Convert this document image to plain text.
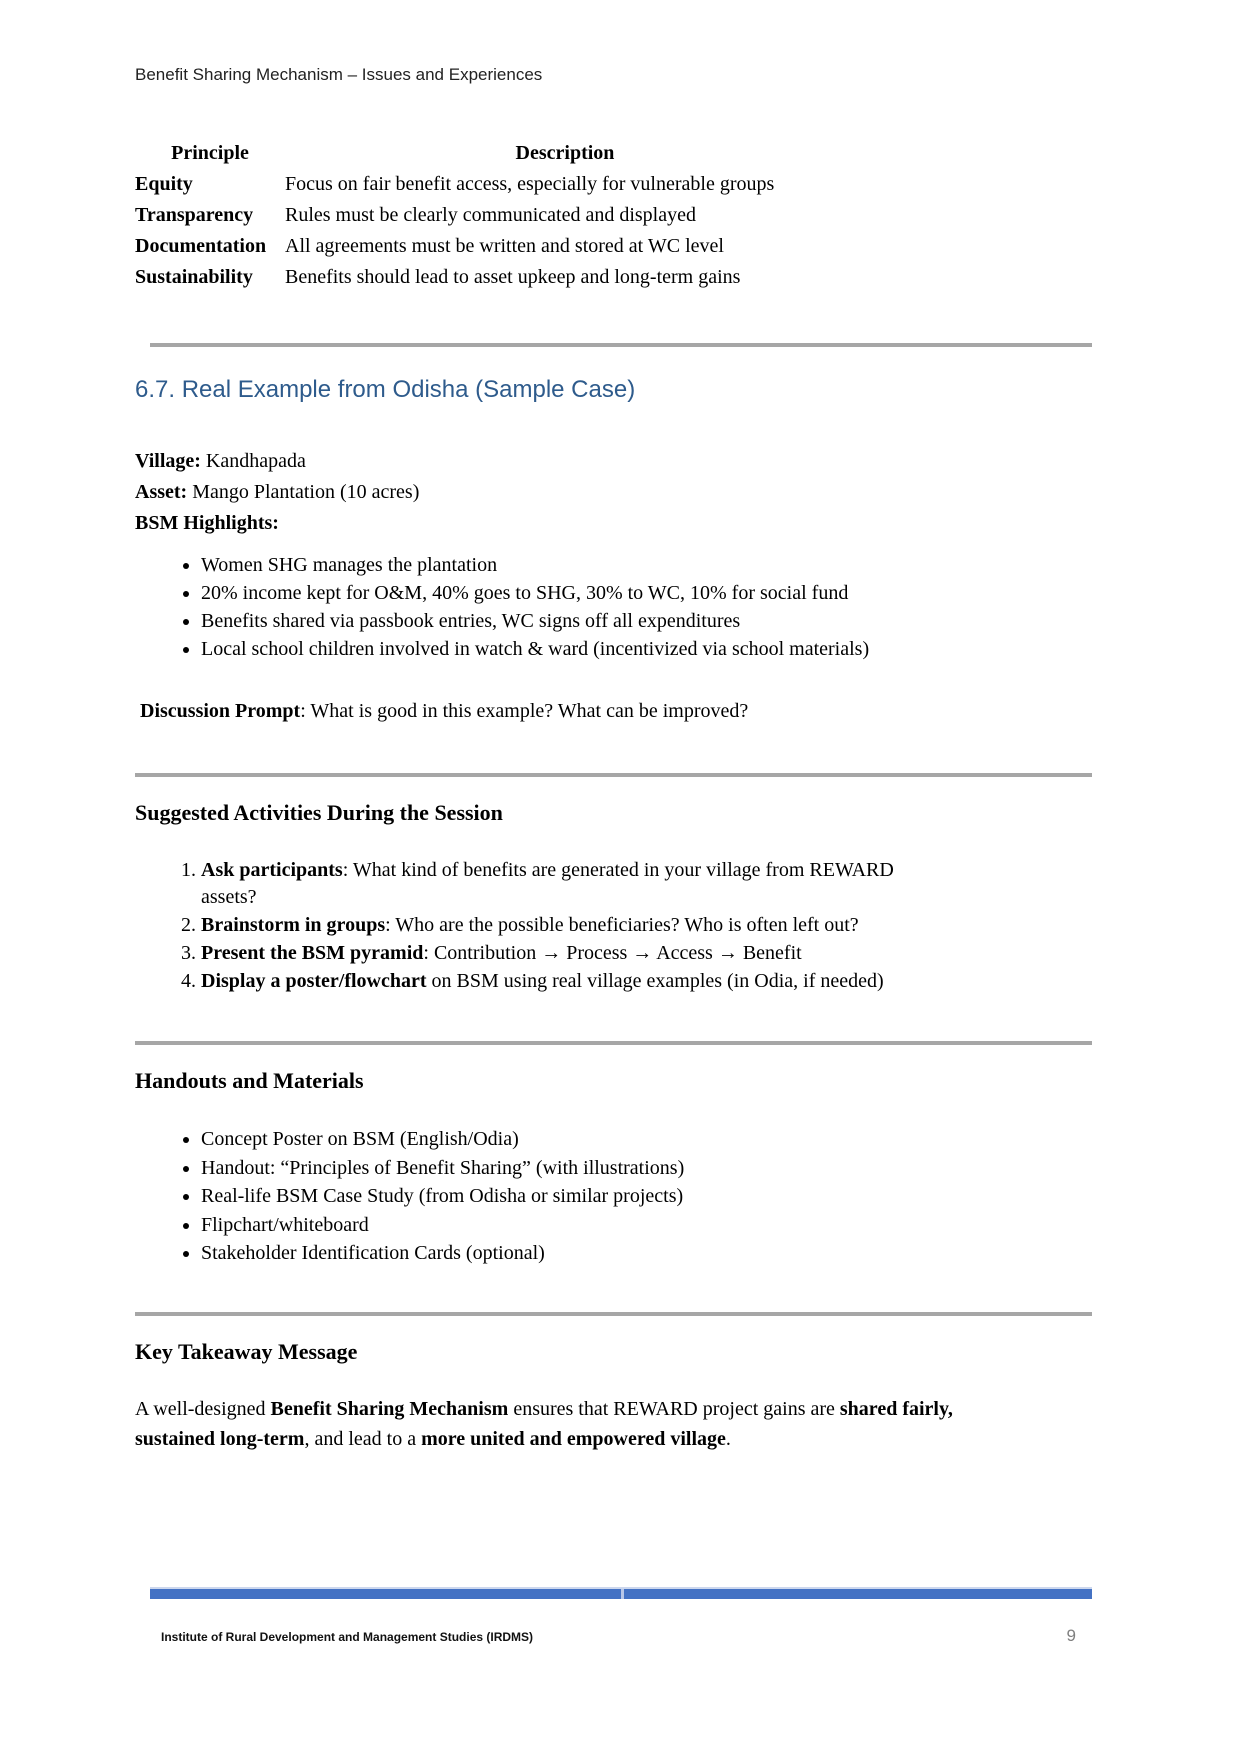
Benefit Sharing Mechanism – Issues and Experiences
Principle	Description
Equity	Focus on fair benefit access, especially for vulnerable groups
Transparency	Rules must be clearly communicated and displayed
Documentation	All agreements must be written and stored at WC level
Sustainability	Benefits should lead to asset upkeep and long-term gains
6.7. Real Example from Odisha (Sample Case)
Village: Kandhapada
Asset: Mango Plantation (10 acres)
BSM Highlights:
• Women SHG manages the plantation
• 20% income kept for O&M, 40% goes to SHG, 30% to WC, 10% for social fund
• Benefits shared via passbook entries, WC signs off all expenditures
• Local school children involved in watch & ward (incentivized via school materials)
Discussion Prompt: What is good in this example? What can be improved?
Suggested Activities During the Session
1. Ask participants: What kind of benefits are generated in your village from REWARD assets?
2. Brainstorm in groups: Who are the possible beneficiaries? Who is often left out?
3. Present the BSM pyramid: Contribution → Process → Access → Benefit
4. Display a poster/flowchart on BSM using real village examples (in Odia, if needed)
Handouts and Materials
• Concept Poster on BSM (English/Odia)
• Handout: “Principles of Benefit Sharing” (with illustrations)
• Real-life BSM Case Study (from Odisha or similar projects)
• Flipchart/whiteboard
• Stakeholder Identification Cards (optional)
Key Takeaway Message

A well-designed Benefit Sharing Mechanism ensures that REWARD project gains are shared fairly, sustained long-term, and lead to a more united and empowered village.

Institute of Rural Development and Management Studies (IRDMS)	9
